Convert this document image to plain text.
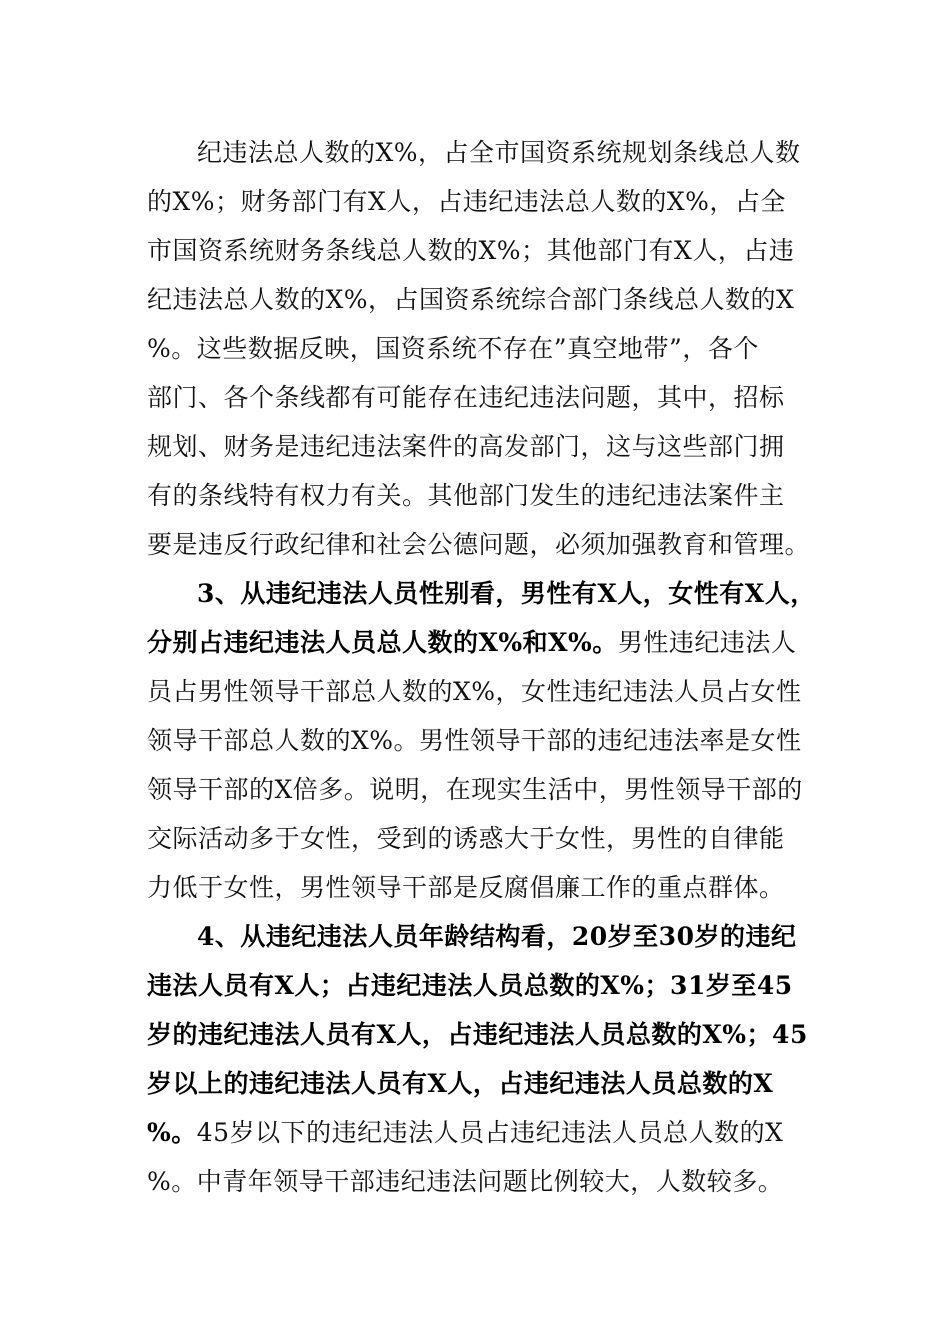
纪违法总人数的X%，占全市国资系统规划条线总人数
的X%；财务部门有X人，占违纪违法总人数的X%，占全
市国资系统财务条线总人数的X%；其他部门有X人，占违
纪违法总人数的X%，占国资系统综合部门条线总人数的X
%。这些数据反映，国资系统不存在”真空地带”，各个
部门、各个条线都有可能存在违纪违法问题，其中，招标
规划、财务是违纪违法案件的高发部门，这与这些部门拥
有的条线特有权力有关。其他部门发生的违纪违法案件主
要是违反行政纪律和社会公德问题，必须加强教育和管理。
3、从违纪违法人员性别看，男性有X人，女性有X人，
分别占违纪违法人员总人数的X%和X%。男性违纪违法人
员占男性领导干部总人数的X%，女性违纪违法人员占女性
领导干部总人数的X%。男性领导干部的违纪违法率是女性
领导干部的X倍多。说明，在现实生活中，男性领导干部的
交际活动多于女性，受到的诱惑大于女性，男性的自律能
力低于女性，男性领导干部是反腐倡廉工作的重点群体。
4、从违纪违法人员年龄结构看，20岁至30岁的违纪
违法人员有X人；占违纪违法人员总数的X%；31岁至45
岁的违纪违法人员有X人，占违纪违法人员总数的X%；45
岁以上的违纪违法人员有X人，占违纪违法人员总数的X
%。45岁以下的违纪违法人员占违纪违法人员总人数的X
%。中青年领导干部违纪违法问题比例较大，人数较多。
